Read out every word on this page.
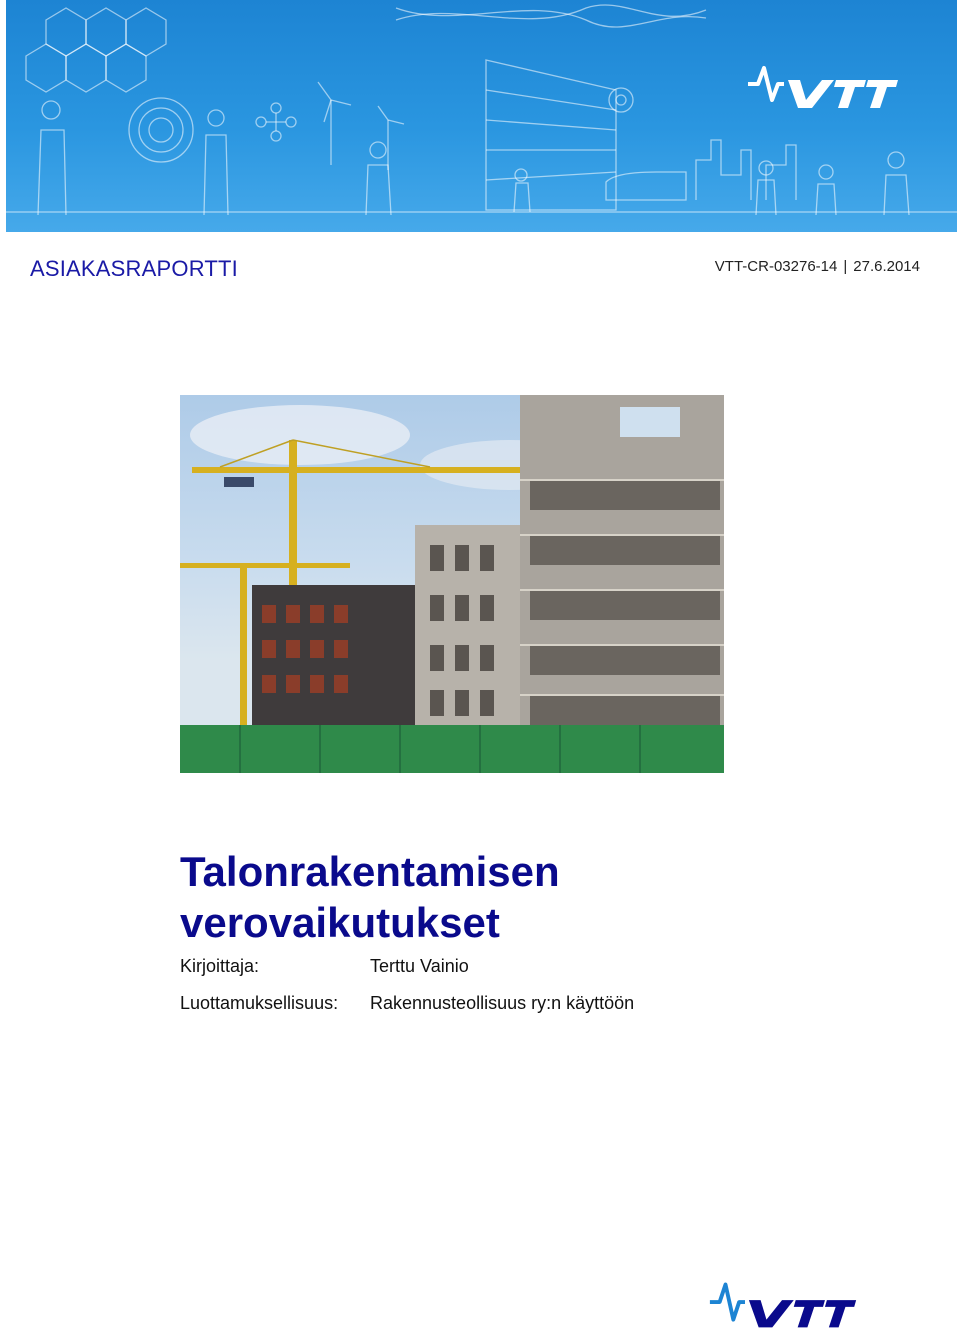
ASIAKASRAPORTTI	VTT-CR-03276-14 | 27.6.2014
Talonrakentamisen
verovaikutukset
Kirjoittaja:	Terttu Vainio
Luottamuksellisuus: Rakennusteollisuus ry:n käyttöön
